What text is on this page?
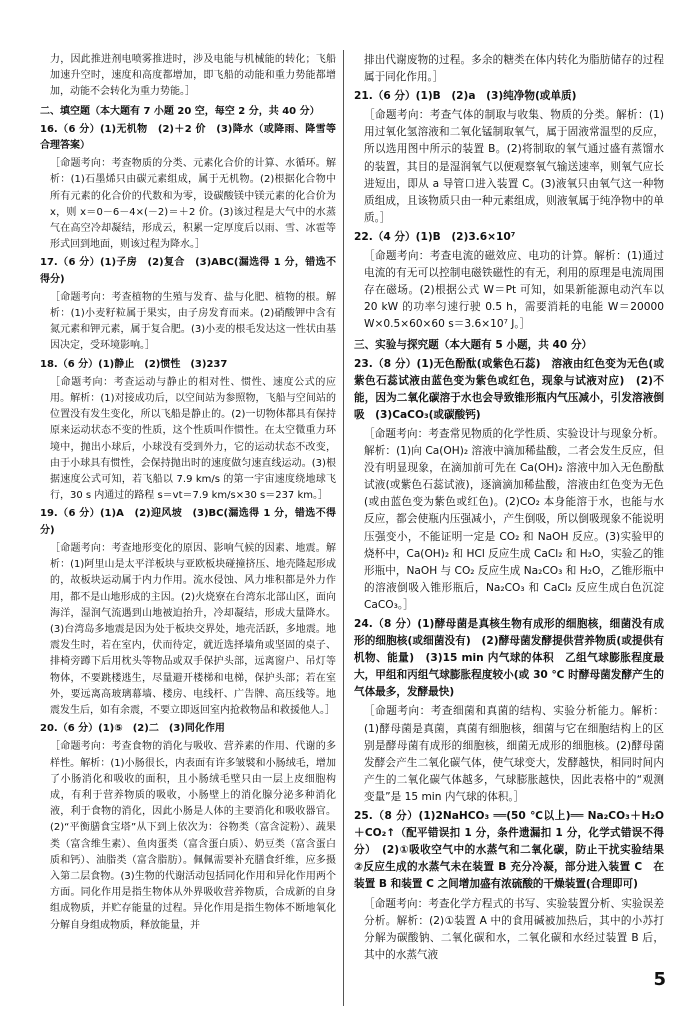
力，因此推进剂电喷雾推进时，涉及电能与机械能的转化；飞船加速升空时，速度和高度都增加，即飞船的动能和重力势能都增加，动能不会转化为重力势能。］

二、填空题（本大题有 7 小题 20 空，每空 2 分，共 40 分）

16.（6 分）(1)无机物　(2)＋2 价　(3)降水（或降雨、降雪等合理答案）

［命题考向：考查物质的分类、元素化合价的计算、水循环。解析：(1)石墨烯只由碳元素组成，属于无机物。(2)根据化合物中所有元素的化合价的代数和为零，设碳酸镁中镁元素的化合价为 x，则 x＝0－6－4×(－2)＝＋2 价。(3)该过程是大气中的水蒸气在高空冷却凝结，形成云，积累一定厚度后以雨、雪、冰雹等形式回到地面，则该过程为降水。］

17.（6 分）(1)子房　(2)复合　(3)ABC(漏选得 1 分，错选不得分)

［命题考向：考查植物的生殖与发育、盐与化肥、植物的根。解析：(1)小麦籽粒属于果实，由子房发育而来。(2)硝酸钾中含有氮元素和钾元素，属于复合肥。(3)小麦的根毛发达这一性状由基因决定，受环境影响。］

18.（6 分）(1)静止　(2)惯性　(3)237

［命题考向：考查运动与静止的相对性、惯性、速度公式的应用。解析：(1)对接成功后，以空间站为参照物，飞船与空间站的位置没有发生变化，所以飞船是静止的。(2)一切物体都具有保持原来运动状态不变的性质，这个性质叫作惯性。在太空微重力环境中，抛出小球后，小球没有受到外力，它的运动状态不改变，由于小球具有惯性，会保持抛出时的速度做匀速直线运动。(3)根据速度公式可知，若飞船以 7.9 km/s 的第一宇宙速度绕地球飞行，30 s 内通过的路程 s＝vt＝7.9 km/s×30 s＝237 km。］

19.（6 分）(1)A　(2)迎风坡　(3)BC(漏选得 1 分，错选不得分)

［命题考向：考查地形变化的原因、影响气候的因素、地震。解析：(1)阿里山是太平洋板块与亚欧板块碰撞挤压、地壳隆起形成的，故板块运动属于内力作用。流水侵蚀、风力堆积都是外力作用，都不是山地形成的主因。(2)火烧寮在台湾东北部山区，面向海洋，湿润气流遇到山地被迫抬升，冷却凝结，形成大量降水。(3)台湾岛多地震是因为处于板块交界处，地壳活跃，多地震。地震发生时，若在室内，伏而待定，就近选择墙角或坚固的桌子、排椅旁蹲下后用枕头等物品或双手保护头部，远离窗户、吊灯等物体，不要跳楼逃生，尽量避开楼梯和电梯，保护头部；若在室外，要远离高玻璃幕墙、楼房、电线杆、广告牌、高压线等。地震发生后，如有余震，不要立即返回室内抢救物品和救援他人。］

20.（6 分）(1)⑤　(2)二　(3)同化作用

［命题考向：考查食物的消化与吸收、营养素的作用、代谢的多样性。解析：(1)小肠很长，内表面有许多皱襞和小肠绒毛，增加了小肠消化和吸收的面积，且小肠绒毛壁只由一层上皮细胞构成，有利于营养物质的吸收，小肠壁上的消化腺分泌多种消化液，利于食物的消化，因此小肠是人体的主要消化和吸收器官。(2)“平衡膳食宝塔”从下到上依次为：谷物类（富含淀粉）、蔬果类（富含维生素）、鱼肉蛋类（富含蛋白质）、奶豆类（富含蛋白质和钙）、油脂类（富含脂肪）。佩佩需要补充膳食纤维，应多摄入第二层食物。(3)生物的代谢活动包括同化作用和异化作用两个方面。同化作用是指生物体从外界吸收营养物质，合成新的自身组成物质，并贮存能量的过程。异化作用是指生物体不断地氧化分解自身组成物质，释放能量，并

排出代谢废物的过程。多余的糖类在体内转化为脂肪储存的过程属于同化作用。］

21.（6 分）(1)B　(2)a　(3)纯净物(或单质)

［命题考向：考查气体的制取与收集、物质的分类。解析：(1)用过氧化氢溶液和二氧化锰制取氧气，属于固液常温型的反应，所以选用图中所示的装置 B。(2)将制取的氧气通过盛有蒸馏水的装置，其目的是湿润氧气以便观察氧气输送速率，则氧气应长进短出，即从 a 导管口进入装置 C。(3)液氧只由氧气这一种物质组成，且该物质只由一种元素组成，则液氧属于纯净物中的单质。］

22.（4 分）(1)B　(2)3.6×10⁷

［命题考向：考查电流的磁效应、电功的计算。解析：(1)通过电流的有无可以控制电磁铁磁性的有无，利用的原理是电流周围存在磁场。(2)根据公式 W＝Pt 可知，如果新能源电动汽车以 20 kW 的功率匀速行驶 0.5 h，需要消耗的电能 W＝20000 W×0.5×60×60 s＝3.6×10⁷ J。］

三、实验与探究题（本大题有 5 小题，共 40 分）

23.（8 分）(1)无色酚酞(或紫色石蕊)　溶液由红色变为无色(或紫色石蕊试液由蓝色变为紫色或红色，现象与试液对应)　(2)不能，因为二氧化碳溶于水也会导致锥形瓶内气压减小，引发溶液倒吸　(3)CaCO₃(或碳酸钙)

［命题考向：考查常见物质的化学性质、实验设计与现象分析。解析：(1)向 Ca(OH)₂ 溶液中滴加稀盐酸，二者会发生反应，但没有明显现象，在滴加前可先在 Ca(OH)₂ 溶液中加入无色酚酞试液(或紫色石蕊试液)，逐滴滴加稀盐酸，溶液由红色变为无色(或由蓝色变为紫色或红色)。(2)CO₂ 本身能溶于水，也能与水反应，都会使瓶内压强减小，产生倒吸，所以倒吸现象不能说明压强变小，不能证明一定是 CO₂ 和 NaOH 反应。(3)实验甲的烧杯中，Ca(OH)₂ 和 HCl 反应生成 CaCl₂ 和 H₂O，实验乙的锥形瓶中，NaOH 与 CO₂ 反应生成 Na₂CO₃ 和 H₂O，乙锥形瓶中的溶液倒吸入锥形瓶后，Na₂CO₃ 和 CaCl₂ 反应生成白色沉淀 CaCO₃。］

24.（8 分）(1)酵母菌是真核生物有成形的细胞核，细菌没有成形的细胞核(或细菌没有)　(2)酵母菌发酵提供营养物质(或提供有机物、能量)　(3)15 min 内气球的体积　乙组气球膨胀程度最大，甲组和丙组气球膨胀程度较小(或 30 ℃ 时酵母菌发酵产生的气体最多，发酵最快)

［命题考向：考查细菌和真菌的结构、实验分析能力。解析：(1)酵母菌是真菌，真菌有细胞核，细菌与它在细胞结构上的区别是酵母菌有成形的细胞核，细菌无成形的细胞核。(2)酵母菌发酵会产生二氧化碳气体，使气球变大，发酵越快，相同时间内产生的二氧化碳气体越多，气球膨胀越快，因此表格中的“观测变量”是 15 min 内气球的体积。］

25.（8 分）(1)2NaHCO₃ ══(50 ℃以上)══ Na₂CO₃＋H₂O＋CO₂↑（配平错误扣 1 分，条件遗漏扣 1 分，化学式错误不得分）　(2)①吸收空气中的水蒸气和二氧化碳，防止干扰实验结果　②反应生成的水蒸气未在装置 B 充分冷凝，部分进入装置 C　在装置 B 和装置 C 之间增加盛有浓硫酸的干燥装置(合理即可)

［命题考向：考查化学方程式的书写、实验装置分析、实验误差分析。解析：(2)①装置 A 中的食用碱被加热后，其中的小苏打分解为碳酸钠、二氧化碳和水，二氧化碳和水经过装置 B 后，其中的水蒸气液

5
